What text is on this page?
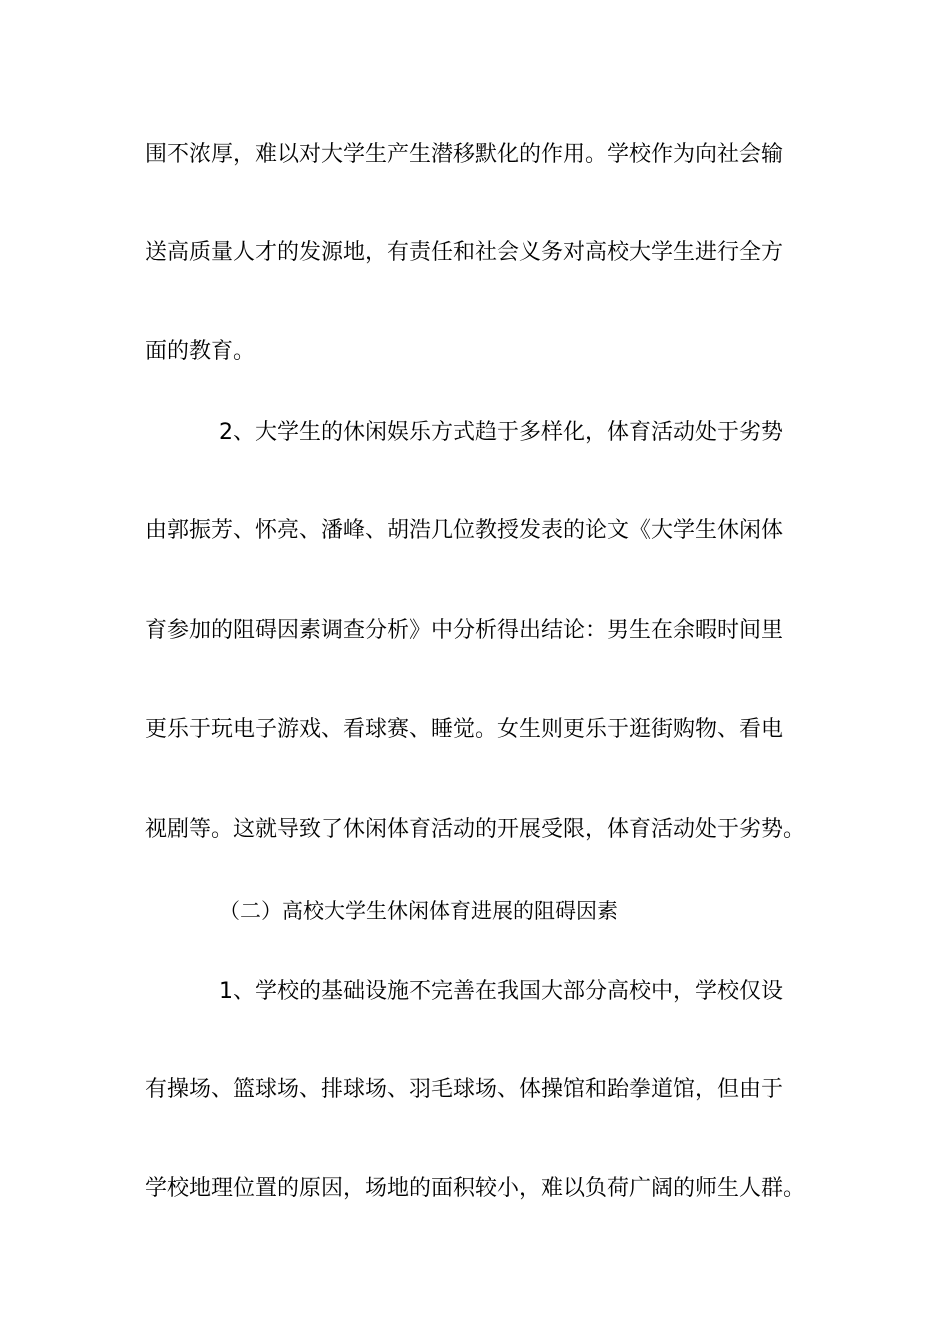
围不浓厚，难以对大学生产生潜移默化的作用。学校作为向社会输
送高质量人才的发源地，有责任和社会义务对高校大学生进行全方
面的教育。
2、大学生的休闲娱乐方式趋于多样化，体育活动处于劣势
由郭振芳、怀亮、潘峰、胡浩几位教授发表的论文《大学生休闲体
育参加的阻碍因素调查分析》中分析得出结论：男生在余暇时间里
更乐于玩电子游戏、看球赛、睡觉。女生则更乐于逛街购物、看电
视剧等。这就导致了休闲体育活动的开展受限，体育活动处于劣势。
（二）高校大学生休闲体育进展的阻碍因素
1、学校的基础设施不完善在我国大部分高校中，学校仅设
有操场、篮球场、排球场、羽毛球场、体操馆和跆拳道馆，但由于
学校地理位置的原因，场地的面积较小，难以负荷广阔的师生人群。
